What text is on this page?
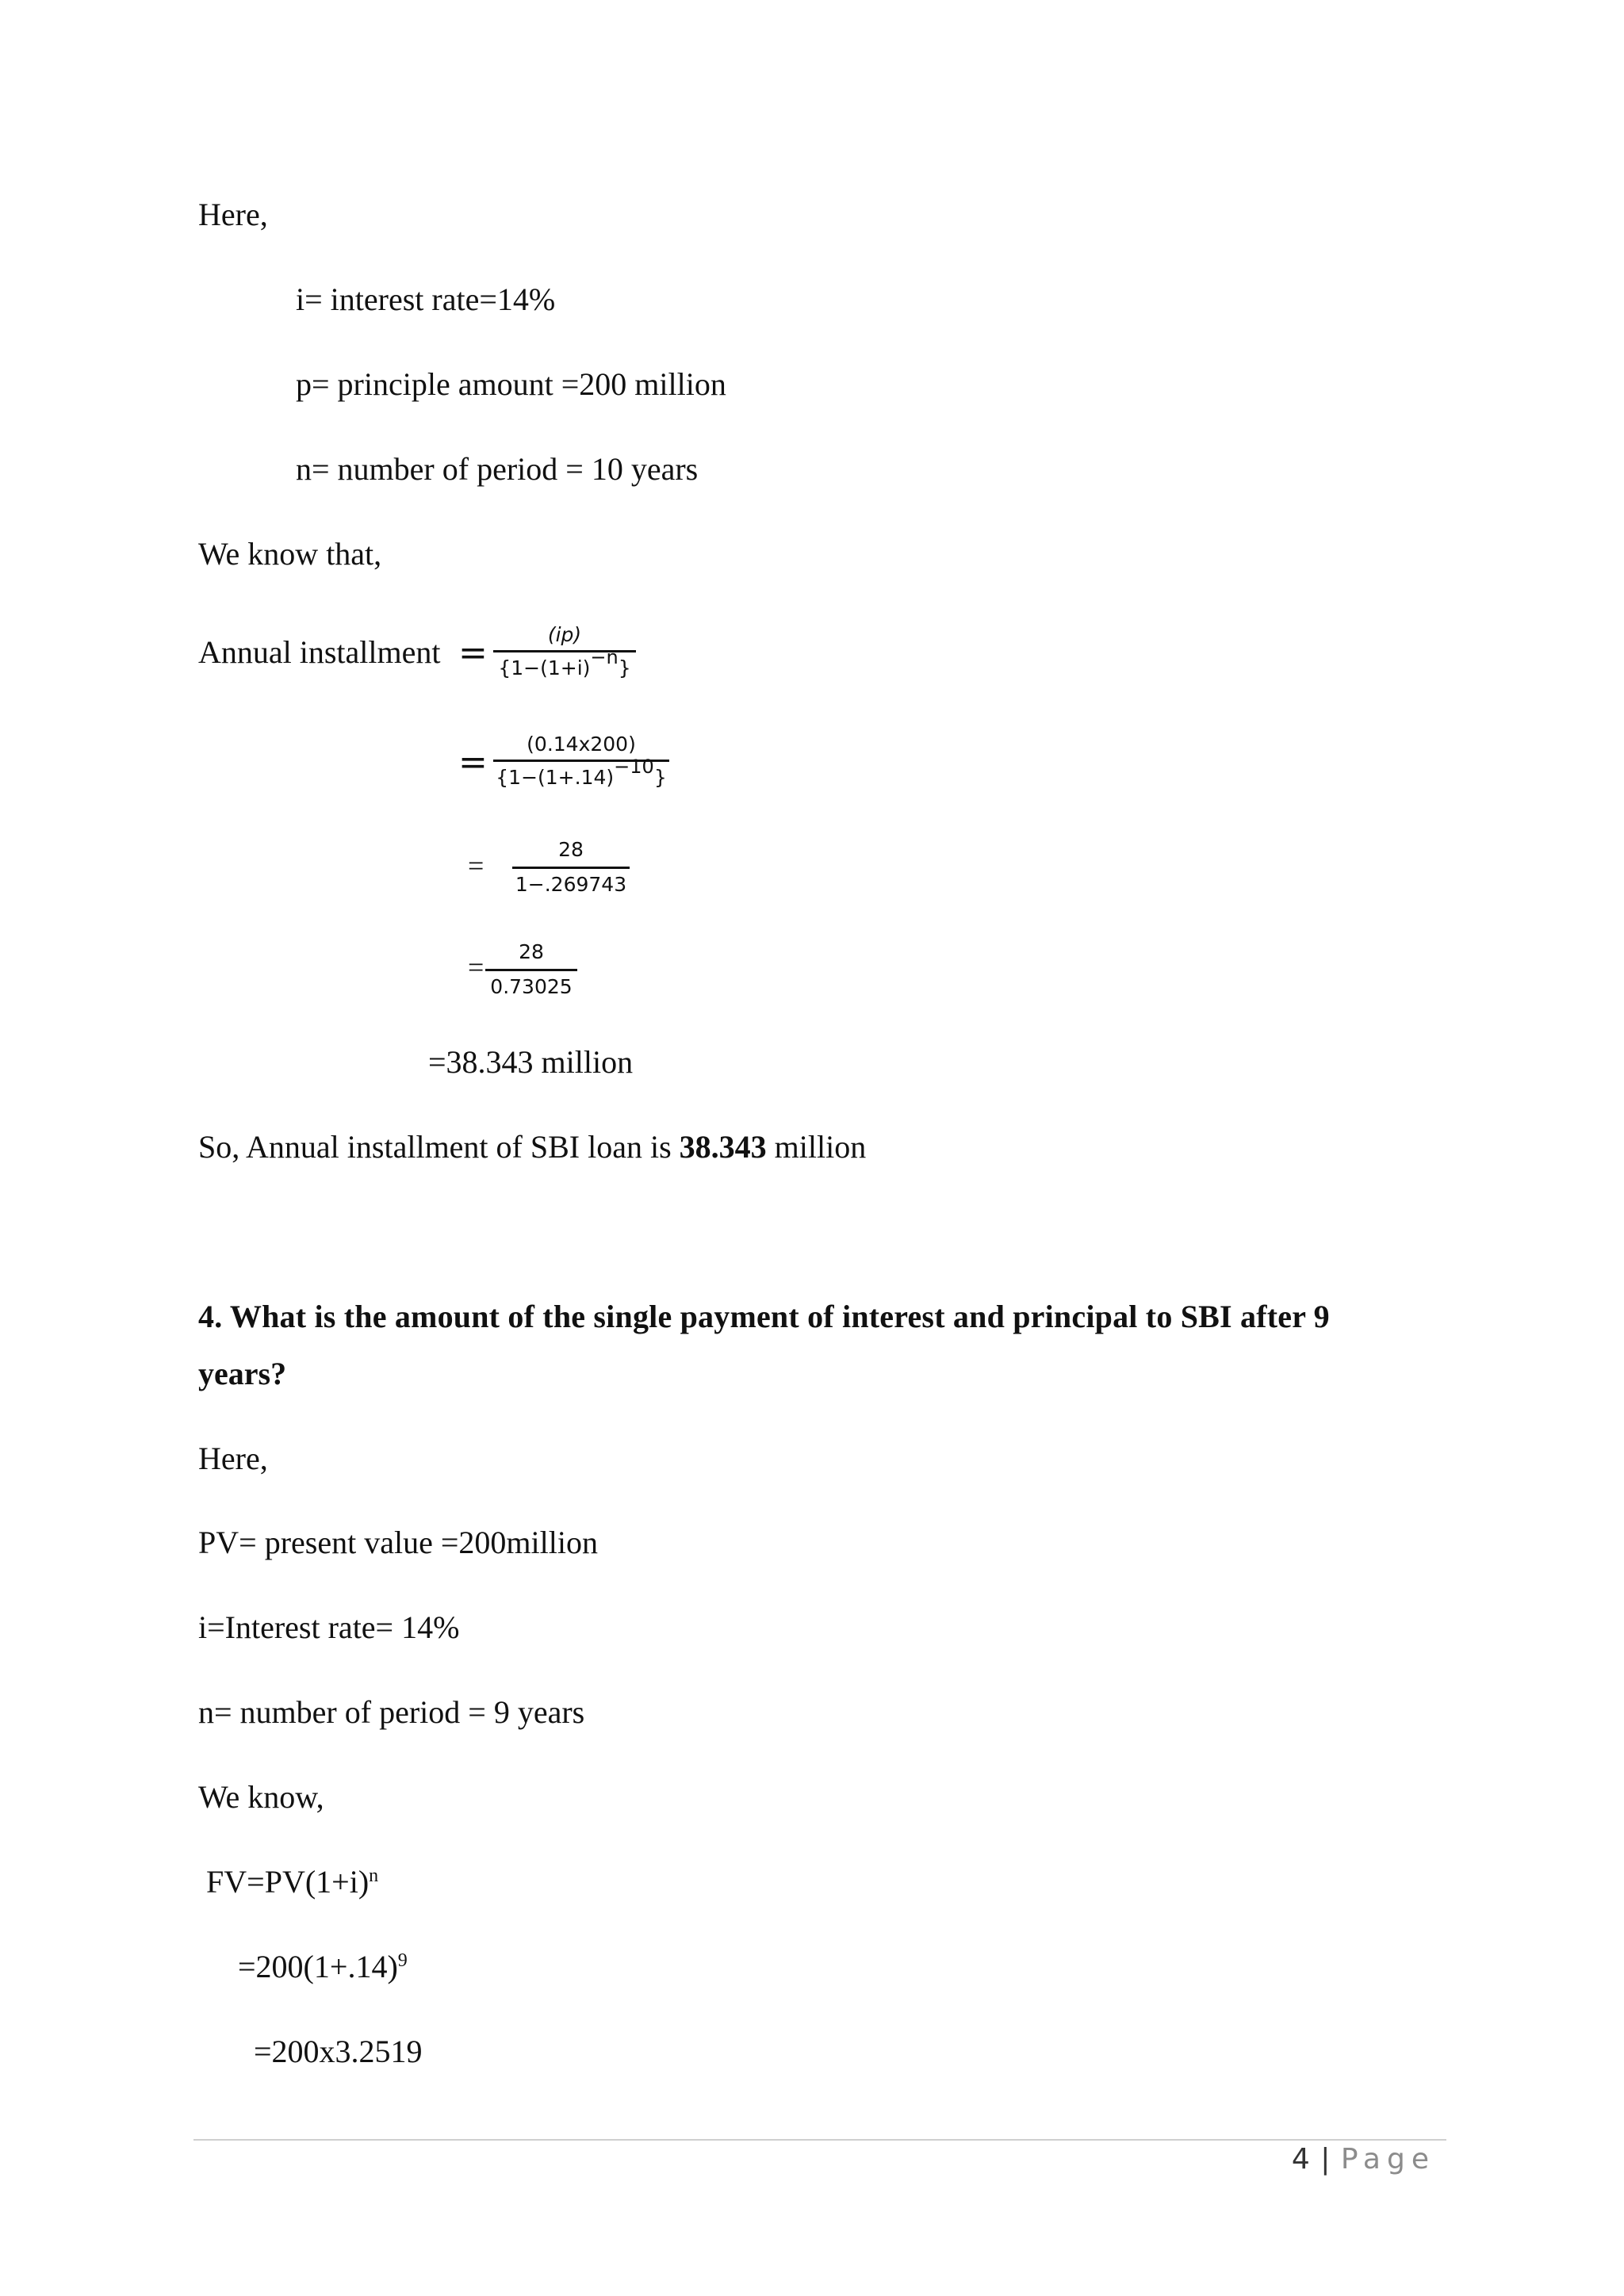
Here,
i= interest rate=14%
p= principle amount =200 million
n= number of period = 10 years
We know that,
Annual installment =	(ip)
$\{1-(1+i)^{-n}\}$
=	(0.14x200)
$\{1-(1+.14)^{-10}\}$
=
28
1−.269743
=	28
0.73025
=38.343 million
So, Annual installment of SBI loan is 38.343 million
4. What is the amount of the single payment of interest and principal to SBI after 9
years?
Here,
PV= present value =200million
i=Interest rate= 14%
n= number of period = 9 years
We know,
$FV=PV(1+i)^n$
$=200(1+.14)^9$
=200x3.2519
4 | Page
